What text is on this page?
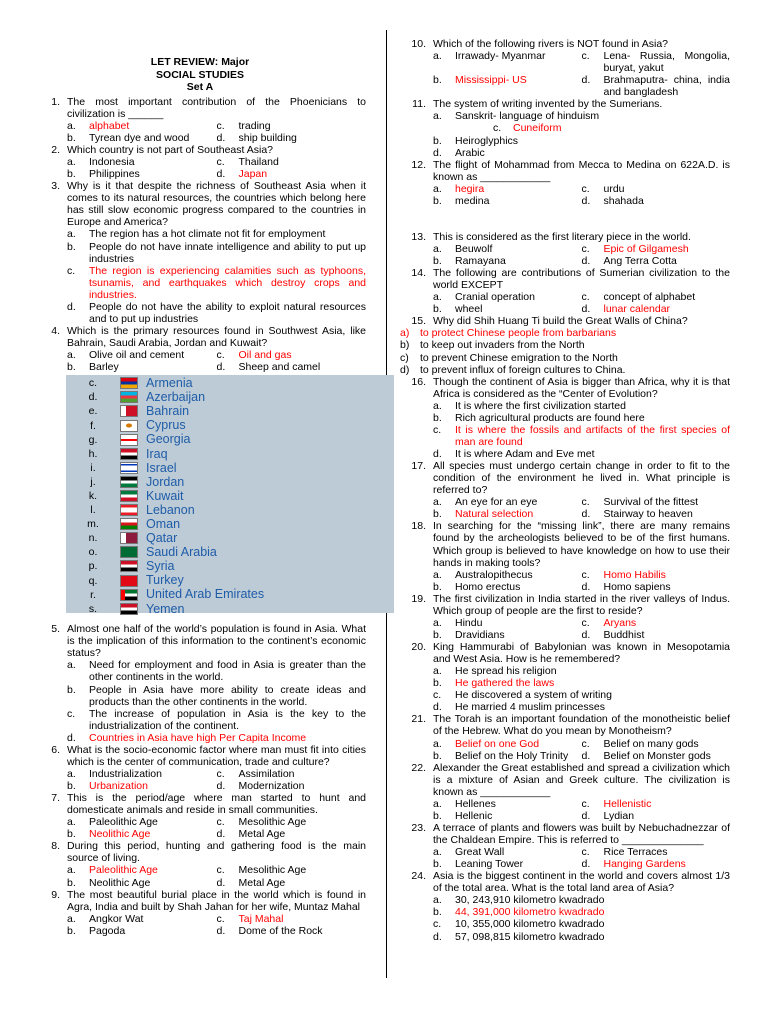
LET REVIEW: Major
SOCIAL STUDIES
Set A
1. The most important contribution of the Phoenicians to civilization is ______
a. alphabet	c. trading
b. Tyrean dye and wood	d. ship building
2. Which country is not part of Southeast Asia?
a. Indonesia	c. Thailand
b. Philippines	d. Japan
3. Why is it that despite the richness of Southeast Asia when it comes to its natural resources, the countries which belong here has still slow economic progress compared to the countries in Europe and America?
a. The region has a hot climate not fit for employment
b. People do not have innate intelligence and ability to put up industries
c. The region is experiencing calamities such as typhoons, tsunamis, and earthquakes which destroy crops and industries.
d. People do not have the ability to exploit natural resources and to put up industries
4. Which is the primary resources found in Southwest Asia, like Bahrain, Saudi Arabia, Jordan and Kuwait?
a. Olive oil and cement	c. Oil and gas
b. Barley	d. Sheep and camel
c.	Armenia
d.	Azerbaijan
e.	Bahrain
f.	Cyprus
g.	Georgia
h.	Iraq
i.	Israel
j.	Jordan
k.	Kuwait
l.	Lebanon
m.	Oman
n.	Qatar
o.	Saudi Arabia
p.	Syria
q.	Turkey
r.	United Arab Emirates
s.	Yemen
5. Almost one half of the world’s population is found in Asia. What is the implication of this information to the continent’s economic status?
a. Need for employment and food in Asia is greater than the other continents in the world.
b. People in Asia have more ability to create ideas and products than the other continents in the world.
c. The increase of population in Asia is the key to the industrialization of the continent.
d. Countries in Asia have high Per Capita Income
6. What is the socio-economic factor where man must fit into cities which is the center of communication, trade and culture?
a. Industrialization	c. Assimilation
b. Urbanization	d. Modernization
7. This is the period/age where man started to hunt and domesticate animals and reside in small communities.
a. Paleolithic Age	c. Mesolithic Age
b. Neolithic Age	d. Metal Age
8. During this period, hunting and gathering food is the main source of living.
a. Paleolithic Age	c. Mesolithic Age
b. Neolithic Age	d. Metal Age
9. The most beautiful burial place in the world which is found in Agra, India and built by Shah Jahan for her wife, Muntaz Mahal
a. Angkor Wat	c. Taj Mahal
b. Pagoda	d. Dome of the Rock
10. Which of the following rivers is NOT found in Asia?
a. Irrawady- Myanmar	c. Lena- Russia, Mongolia, buryat, yakut
b. Mississippi- US	d. Brahmaputra- china, india and bangladesh
11. The system of writing invented by the Sumerians.
a. Sanskrit- language of hinduism
c. Cuneiform
b. Heiroglyphics
d. Arabic
12. The flight of Mohammad from Mecca to Medina on 622A.D. is known as ____________
a. hegira	c. urdu
b. medina	d. shahada
13. This is considered as the first literary piece in the world.
a. Beuwolf	c. Epic of Gilgamesh
b. Ramayana	d. Ang Terra Cotta
14. The following are contributions of Sumerian civilization to the world EXCEPT
a. Cranial operation	c. concept of alphabet
b. wheel	d. lunar calendar
15. Why did Shih Huang Ti build the Great Walls of China?
a) to protect Chinese people from barbarians
b) to keep out invaders from the North
c) to prevent Chinese emigration to the North
d) to prevent influx of foreign cultures to China.
16. Though the continent of Asia is bigger than Africa, why it is that Africa is considered as the “Center of Evolution?
a. It is where the first civilization started
b. Rich agricultural products are found here
c. It is where the fossils and artifacts of the first species of man are found
d. It is where Adam and Eve met
17. All species must undergo certain change in order to fit to the condition of the environment he lived in. What principle is referred to?
a. An eye for an eye	c. Survival of the fittest
b. Natural selection	d. Stairway to heaven
18. In searching for the “missing link”, there are many remains found by the archeologists believed to be of the first humans. Which group is believed to have knowledge on how to use their hands in making tools?
a. Australopithecus	c. Homo Habilis
b. Homo erectus	d. Homo sapiens
19. The first civilization in India started in the river valleys of Indus. Which group of people are the first to reside?
a. Hindu	c. Aryans
b. Dravidians	d. Buddhist
20. King Hammurabi of Babylonian was known in Mesopotamia and West Asia. How is he remembered?
a. He spread his religion
b. He gathered the laws
c. He discovered a system of writing
d. He married 4 muslim princesses
21. The Torah is an important foundation of the monotheistic belief of the Hebrew. What do you mean by Monotheism?
a. Belief on one God	c. Belief on many gods
b. Belief on the Holy Trinity	d. Belief on Monster gods
22. Alexander the Great established and spread a civilization which is a mixture of Asian and Greek culture. The civilization is known as ____________
a. Hellenes	c. Hellenistic
b. Hellenic	d. Lydian
23. A terrace of plants and flowers was built by Nebuchadnezzar of the Chaldean Empire. This is referred to ______________
a. Great Wall	c. Rice Terraces
b. Leaning Tower	d. Hanging Gardens
24. Asia is the biggest continent in the world and covers almost 1/3 of the total area. What is the total land area of Asia?
a. 30, 243,910 kilometro kwadrado
b. 44, 391,000 kilometro kwadrado
c. 10, 355,000 kilometro kwadrado
d. 57, 098,815 kilometro kwadrado
